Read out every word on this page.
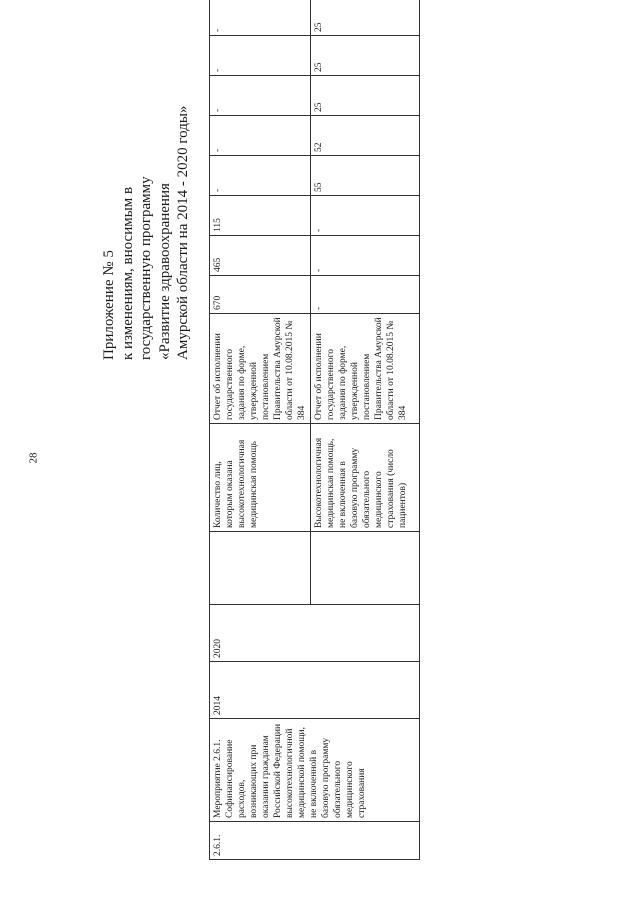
28
Приложение № 5 к изменениям, вносимым в государственную программу «Развитие здравоохранения Амурской области на 2014 - 2020 годы»
2.6.1.	Мероприятие 2.6.1. Софинансирование расходов, возникающих при оказании гражданам Российской Федерации высокотехнологичной медицинской помощи, не включенной в базовую программу обязательного медицинского страхования	2014	2020		Количество лиц, которым оказана высокотехнологичная медицинская помощь	Отчет об исполнении государственного задания по форме, утвержденной постановлением Правительства Амурской области от 10.08.2015 № 384	670	465	115	-	-	-	-	-
					Высокотехнологичная медицинская помощь, не включенная в базовую программу обязательного медицинского страхования (число пациентов)	Отчет об исполнении государственного задания по форме, утвержденной постановлением Правительства Амурской области от 10.08.2015 № 384	-	-	-	55	52	25	25	25
